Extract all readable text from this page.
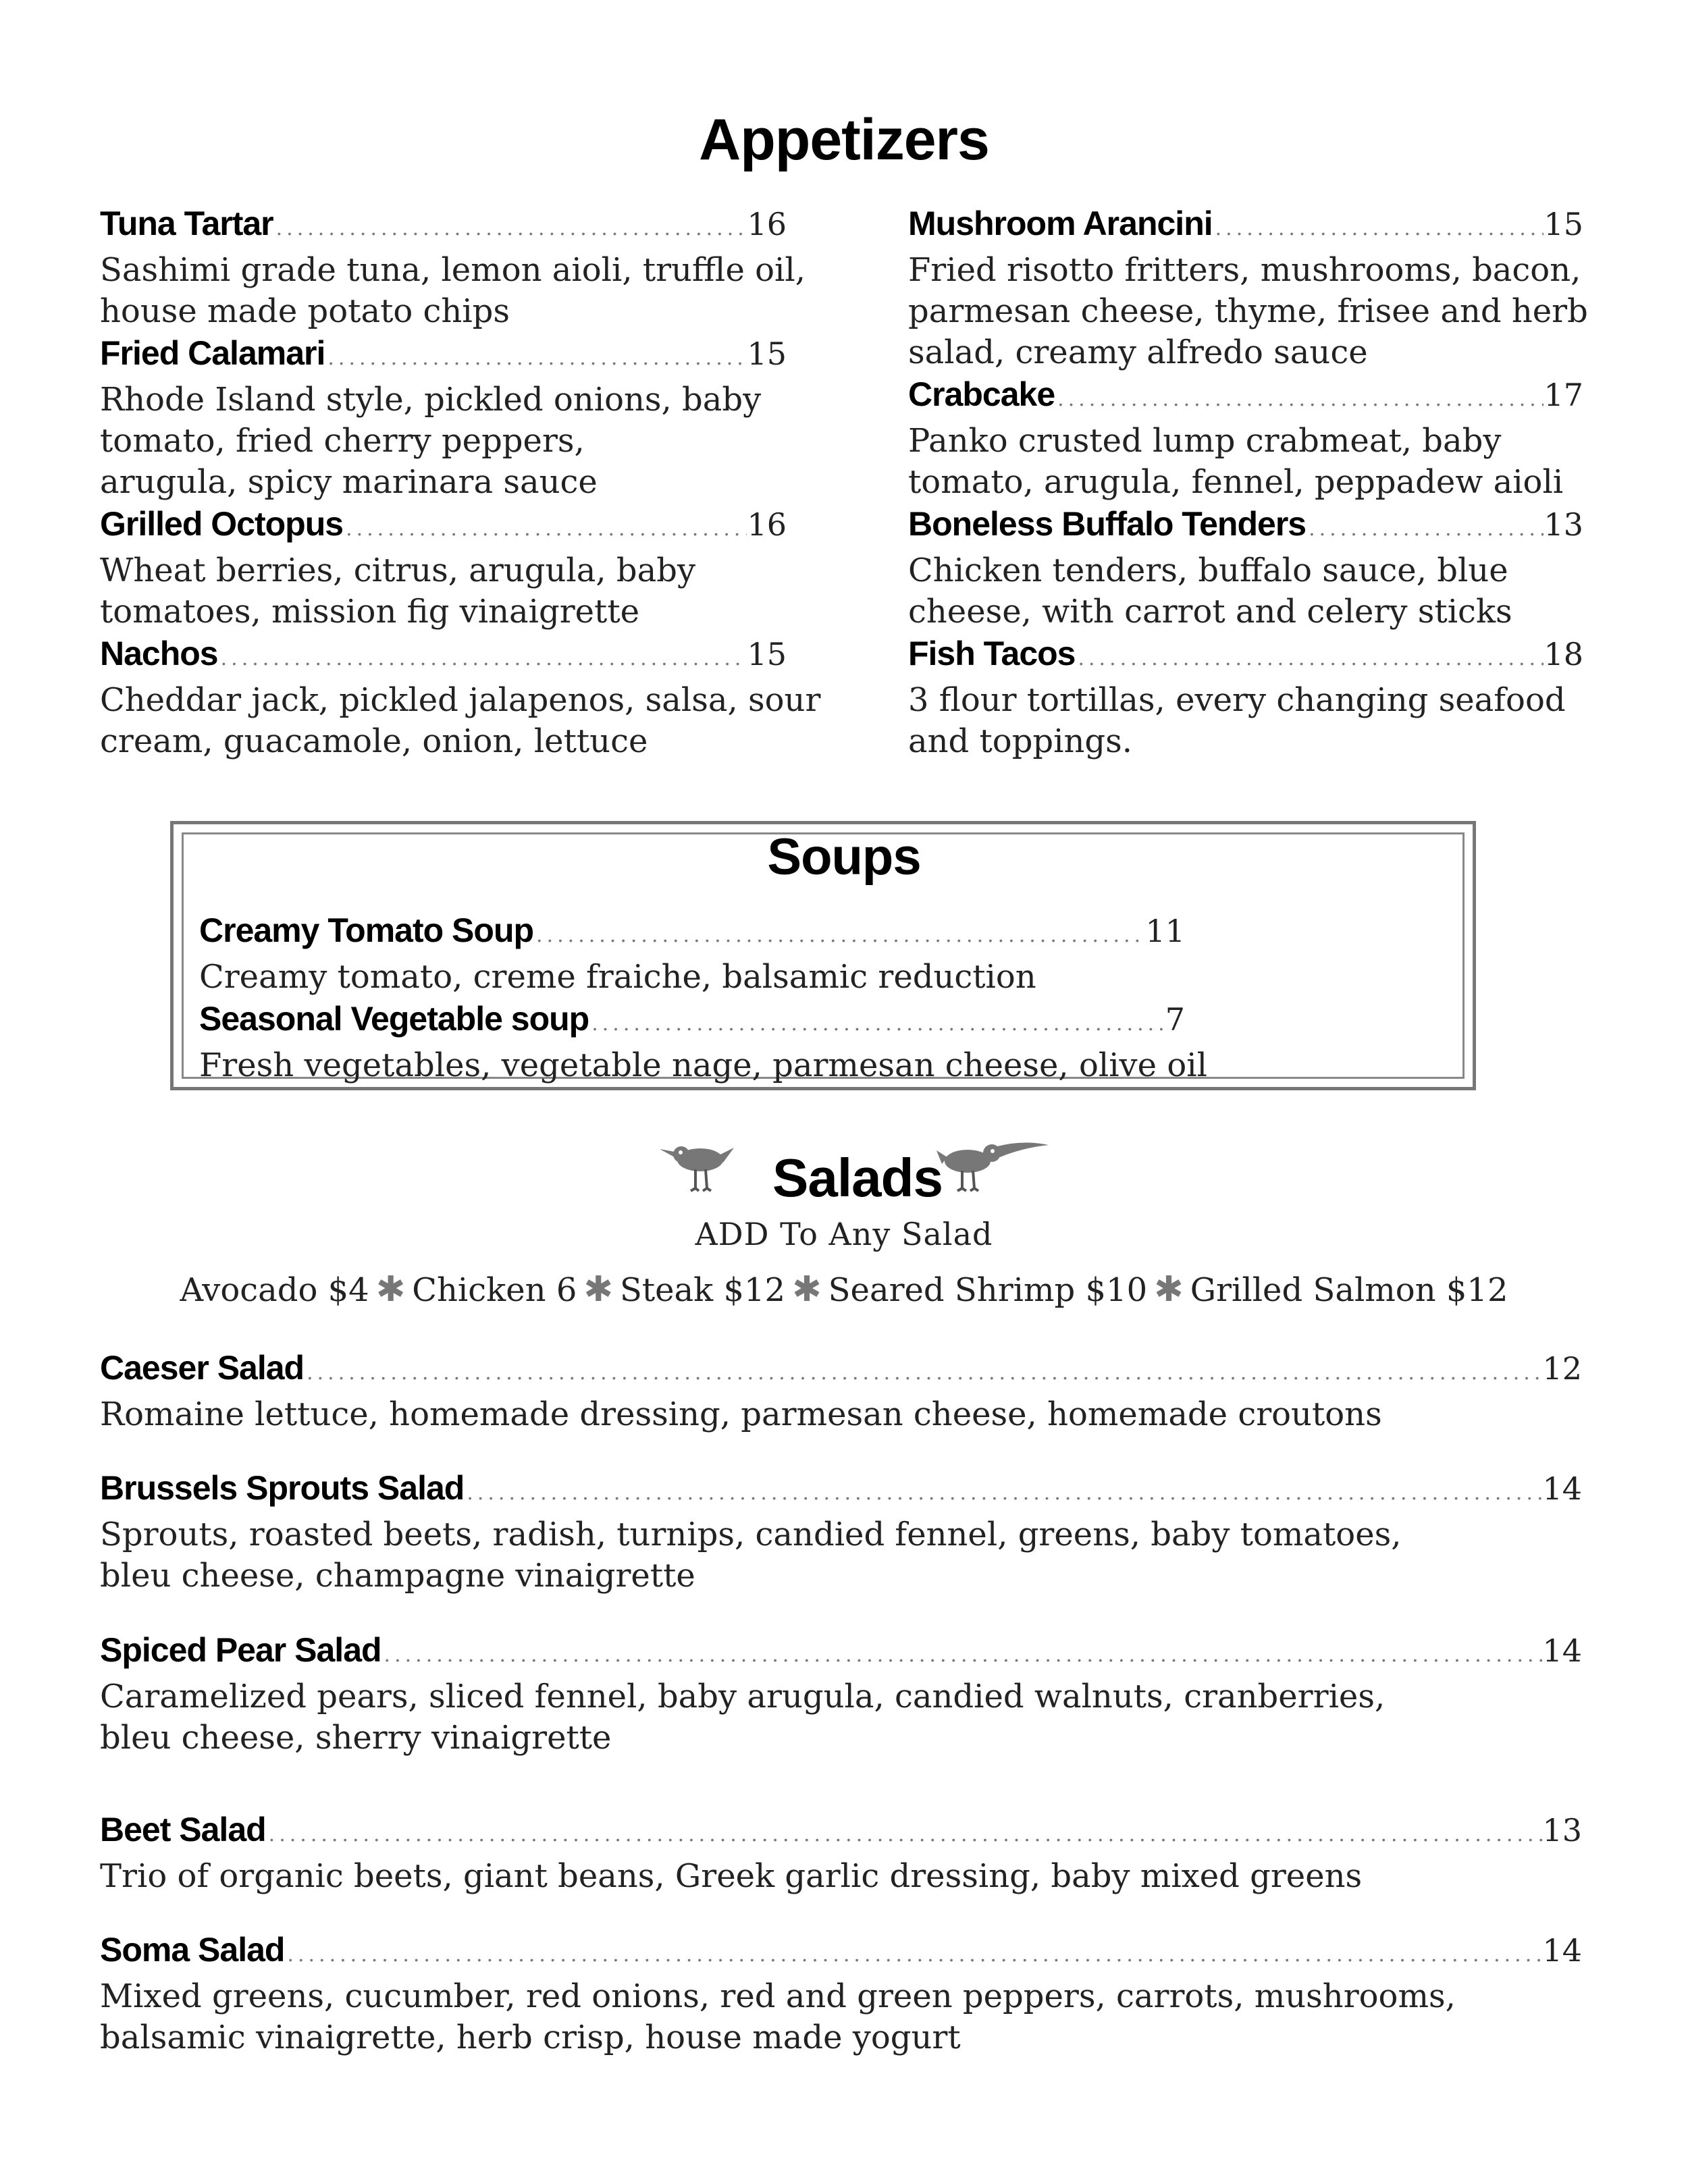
Appetizers
Tuna Tartar .....	16
Sashimi grade tuna, lemon aioli, truffle oil,
house made potato chips
Fried Calamari .....	15
Rhode Island style, pickled onions, baby
tomato, fried cherry peppers,
arugula, spicy marinara sauce
Grilled Octopus .....	16
Wheat berries, citrus, arugula, baby
tomatoes, mission fig vinaigrette
Nachos .....	15
Cheddar jack, pickled jalapenos, salsa, sour
cream, guacamole, onion, lettuce
Mushroom Arancini .....	15
Fried risotto fritters, mushrooms, bacon,
parmesan cheese, thyme, frisee and herb
salad, creamy alfredo sauce
Crabcake .....	17
Panko crusted lump crabmeat, baby
tomato, arugula, fennel, peppadew aioli
Boneless Buffalo Tenders .....	13
Chicken tenders, buffalo sauce, blue
cheese, with carrot and celery sticks
Fish Tacos .....	18
3 flour tortillas, every changing seafood
and toppings.
Soups
Creamy Tomato Soup .....	11
Creamy tomato, creme fraiche, balsamic reduction
Seasonal Vegetable soup .....	7
Fresh vegetables, vegetable nage, parmesan cheese, olive oil
Salads
ADD To Any Salad
Avocado $4 ✱ Chicken 6 ✱ Steak $12 ✱ Seared Shrimp $10 ✱ Grilled Salmon $12
Caeser Salad .....	12
Romaine lettuce, homemade dressing, parmesan cheese, homemade croutons
Brussels Sprouts Salad .....	14
Sprouts, roasted beets, radish, turnips, candied fennel, greens, baby tomatoes,
bleu cheese, champagne vinaigrette
Spiced Pear Salad .....	14
Caramelized pears, sliced fennel, baby arugula, candied walnuts, cranberries,
bleu cheese, sherry vinaigrette
Beet Salad .....	13
Trio of organic beets, giant beans, Greek garlic dressing, baby mixed greens
Soma Salad .....	14
Mixed greens, cucumber, red onions, red and green peppers, carrots, mushrooms,
balsamic vinaigrette, herb crisp, house made yogurt
